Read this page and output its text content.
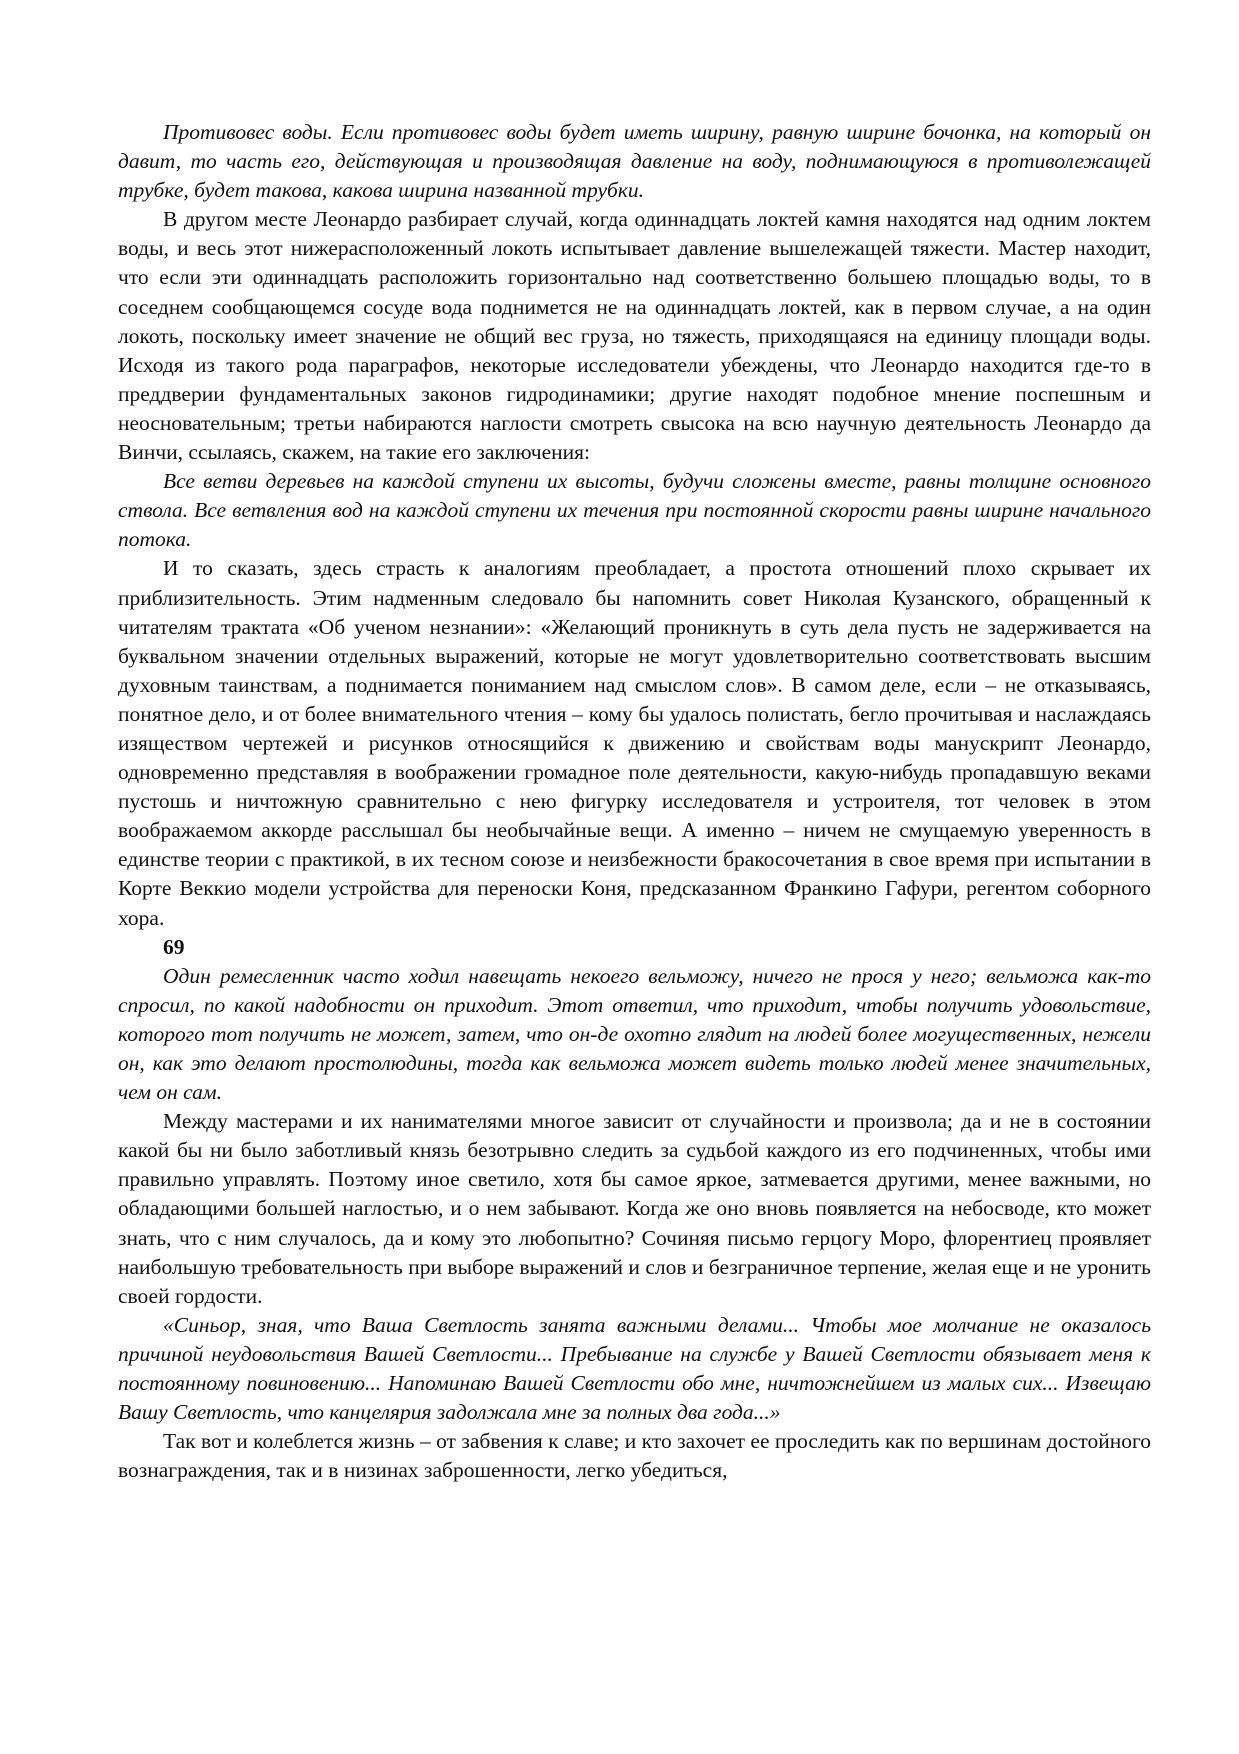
Противовес воды. Если противовес воды будет иметь ширину, равную ширине бочонка, на который он давит, то часть его, действующая и производящая давление на воду, поднимающуюся в противолежащей трубке, будет такова, какова ширина названной трубки.

В другом месте Леонардо разбирает случай, когда одиннадцать локтей камня находятся над одним локтем воды, и весь этот нижерасположенный локоть испытывает давление вышележащей тяжести. Мастер находит, что если эти одиннадцать расположить горизонтально над соответственно большею площадью воды, то в соседнем сообщающемся сосуде вода поднимется не на одиннадцать локтей, как в первом случае, а на один локоть, поскольку имеет значение не общий вес груза, но тяжесть, приходящаяся на единицу площади воды. Исходя из такого рода параграфов, некоторые исследователи убеждены, что Леонардо находится где-то в преддверии фундаментальных законов гидродинамики; другие находят подобное мнение поспешным и неосновательным; третьи набираются наглости смотреть свысока на всю научную деятельность Леонардо да Винчи, ссылаясь, скажем, на такие его заключения:

Все ветви деревьев на каждой ступени их высоты, будучи сложены вместе, равны толщине основного ствола. Все ветвления вод на каждой ступени их течения при постоянной скорости равны ширине начального потока.

И то сказать, здесь страсть к аналогиям преобладает, а простота отношений плохо скрывает их приблизительность. Этим надменным следовало бы напомнить совет Николая Кузанского, обращенный к читателям трактата «Об ученом незнании»: «Желающий проникнуть в суть дела пусть не задерживается на буквальном значении отдельных выражений, которые не могут удовлетворительно соответствовать высшим духовным таинствам, а поднимается пониманием над смыслом слов». В самом деле, если – не отказываясь, понятное дело, и от более внимательного чтения – кому бы удалось полистать, бегло прочитывая и наслаждаясь изяществом чертежей и рисунков относящийся к движению и свойствам воды манускрипт Леонардо, одновременно представляя в воображении громадное поле деятельности, какую-нибудь пропадавшую веками пустошь и ничтожную сравнительно с нею фигурку исследователя и устроителя, тот человек в этом воображаемом аккорде расслышал бы необычайные вещи. А именно – ничем не смущаемую уверенность в единстве теории с практикой, в их тесном союзе и неизбежности бракосочетания в свое время при испытании в Корте Веккио модели устройства для переноски Коня, предсказанном Франкино Гафури, регентом соборного хора.

69

Один ремесленник часто ходил навещать некоего вельможу, ничего не прося у него; вельможа как-то спросил, по какой надобности он приходит. Этот ответил, что приходит, чтобы получить удовольствие, которого тот получить не может, затем, что он-де охотно глядит на людей более могущественных, нежели он, как это делают простолюдины, тогда как вельможа может видеть только людей менее значительных, чем он сам.

Между мастерами и их нанимателями многое зависит от случайности и произвола; да и не в состоянии какой бы ни было заботливый князь безотрывно следить за судьбой каждого из его подчиненных, чтобы ими правильно управлять. Поэтому иное светило, хотя бы самое яркое, затмевается другими, менее важными, но обладающими большей наглостью, и о нем забывают. Когда же оно вновь появляется на небосводе, кто может знать, что с ним случалось, да и кому это любопытно? Сочиняя письмо герцогу Моро, флорентиец проявляет наибольшую требовательность при выборе выражений и слов и безграничное терпение, желая еще и не уронить своей гордости.

«Синьор, зная, что Ваша Светлость занята важными делами... Чтобы мое молчание не оказалось причиной неудовольствия Вашей Светлости... Пребывание на службе у Вашей Светлости обязывает меня к постоянному повиновению... Напоминаю Вашей Светлости обо мне, ничтожнейшем из малых сих... Извещаю Вашу Светлость, что канцелярия задолжала мне за полных два года...»

Так вот и колеблется жизнь – от забвения к славе; и кто захочет ее проследить как по вершинам достойного вознаграждения, так и в низинах заброшенности, легко убедиться,
